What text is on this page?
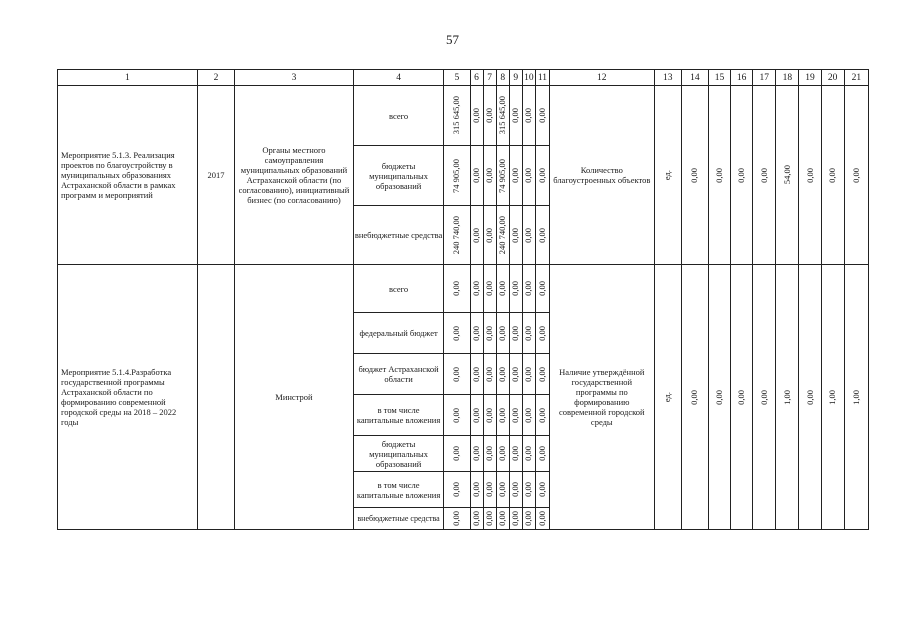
57
1	2	3	4	5	6	7	8	9	10	11	12	13	14	15	16	17	18	19	20	21
Мероприятие 5.1.3. Реализация проектов по благоустройству в муниципальных образованиях Астраханской области в рамках программ и мероприятий	2017	Органы местного самоуправления муниципальных образований Астраханской области (по согласованию), инициативный бизнес (по согласованию)	всего	315 645,00	0,00	0,00	315 645,00	0,00	0,00	0,00	Количество благоустроенных объектов	ед.	0,00	0,00	0,00	0,00	54,00	0,00	0,00	0,00

			бюджеты муниципальных образований	74 905,00	0,00	0,00	74 905,00	0,00	0,00	0,00										

			внебюджетные средства	240 740,00	0,00	0,00	240 740,00	0,00	0,00	0,00										

Мероприятие 5.1.4.Разработка государственной программы Астраханской области по формированию современной городской среды на 2018 – 2022 годы		Минстрой	всего	0,00	0,00	0,00	0,00	0,00	0,00	0,00	Наличие утверждённой государственной программы по формированию современной городской среды	ед.	0,00	0,00	0,00	0,00	1,00	0,00	1,00	1,00

			федеральный бюджет	0,00	0,00	0,00	0,00	0,00	0,00	0,00										

			бюджет Астраханской области	0,00	0,00	0,00	0,00	0,00	0,00	0,00										

			в том числе капитальные вложения	0,00	0,00	0,00	0,00	0,00	0,00	0,00										

			бюджеты муниципальных образований	0,00	0,00	0,00	0,00	0,00	0,00	0,00										

			в том числе капитальные вложения	0,00	0,00	0,00	0,00	0,00	0,00	0,00										

			внебюджетные средства	0,00	0,00	0,00	0,00	0,00	0,00	0,00										
